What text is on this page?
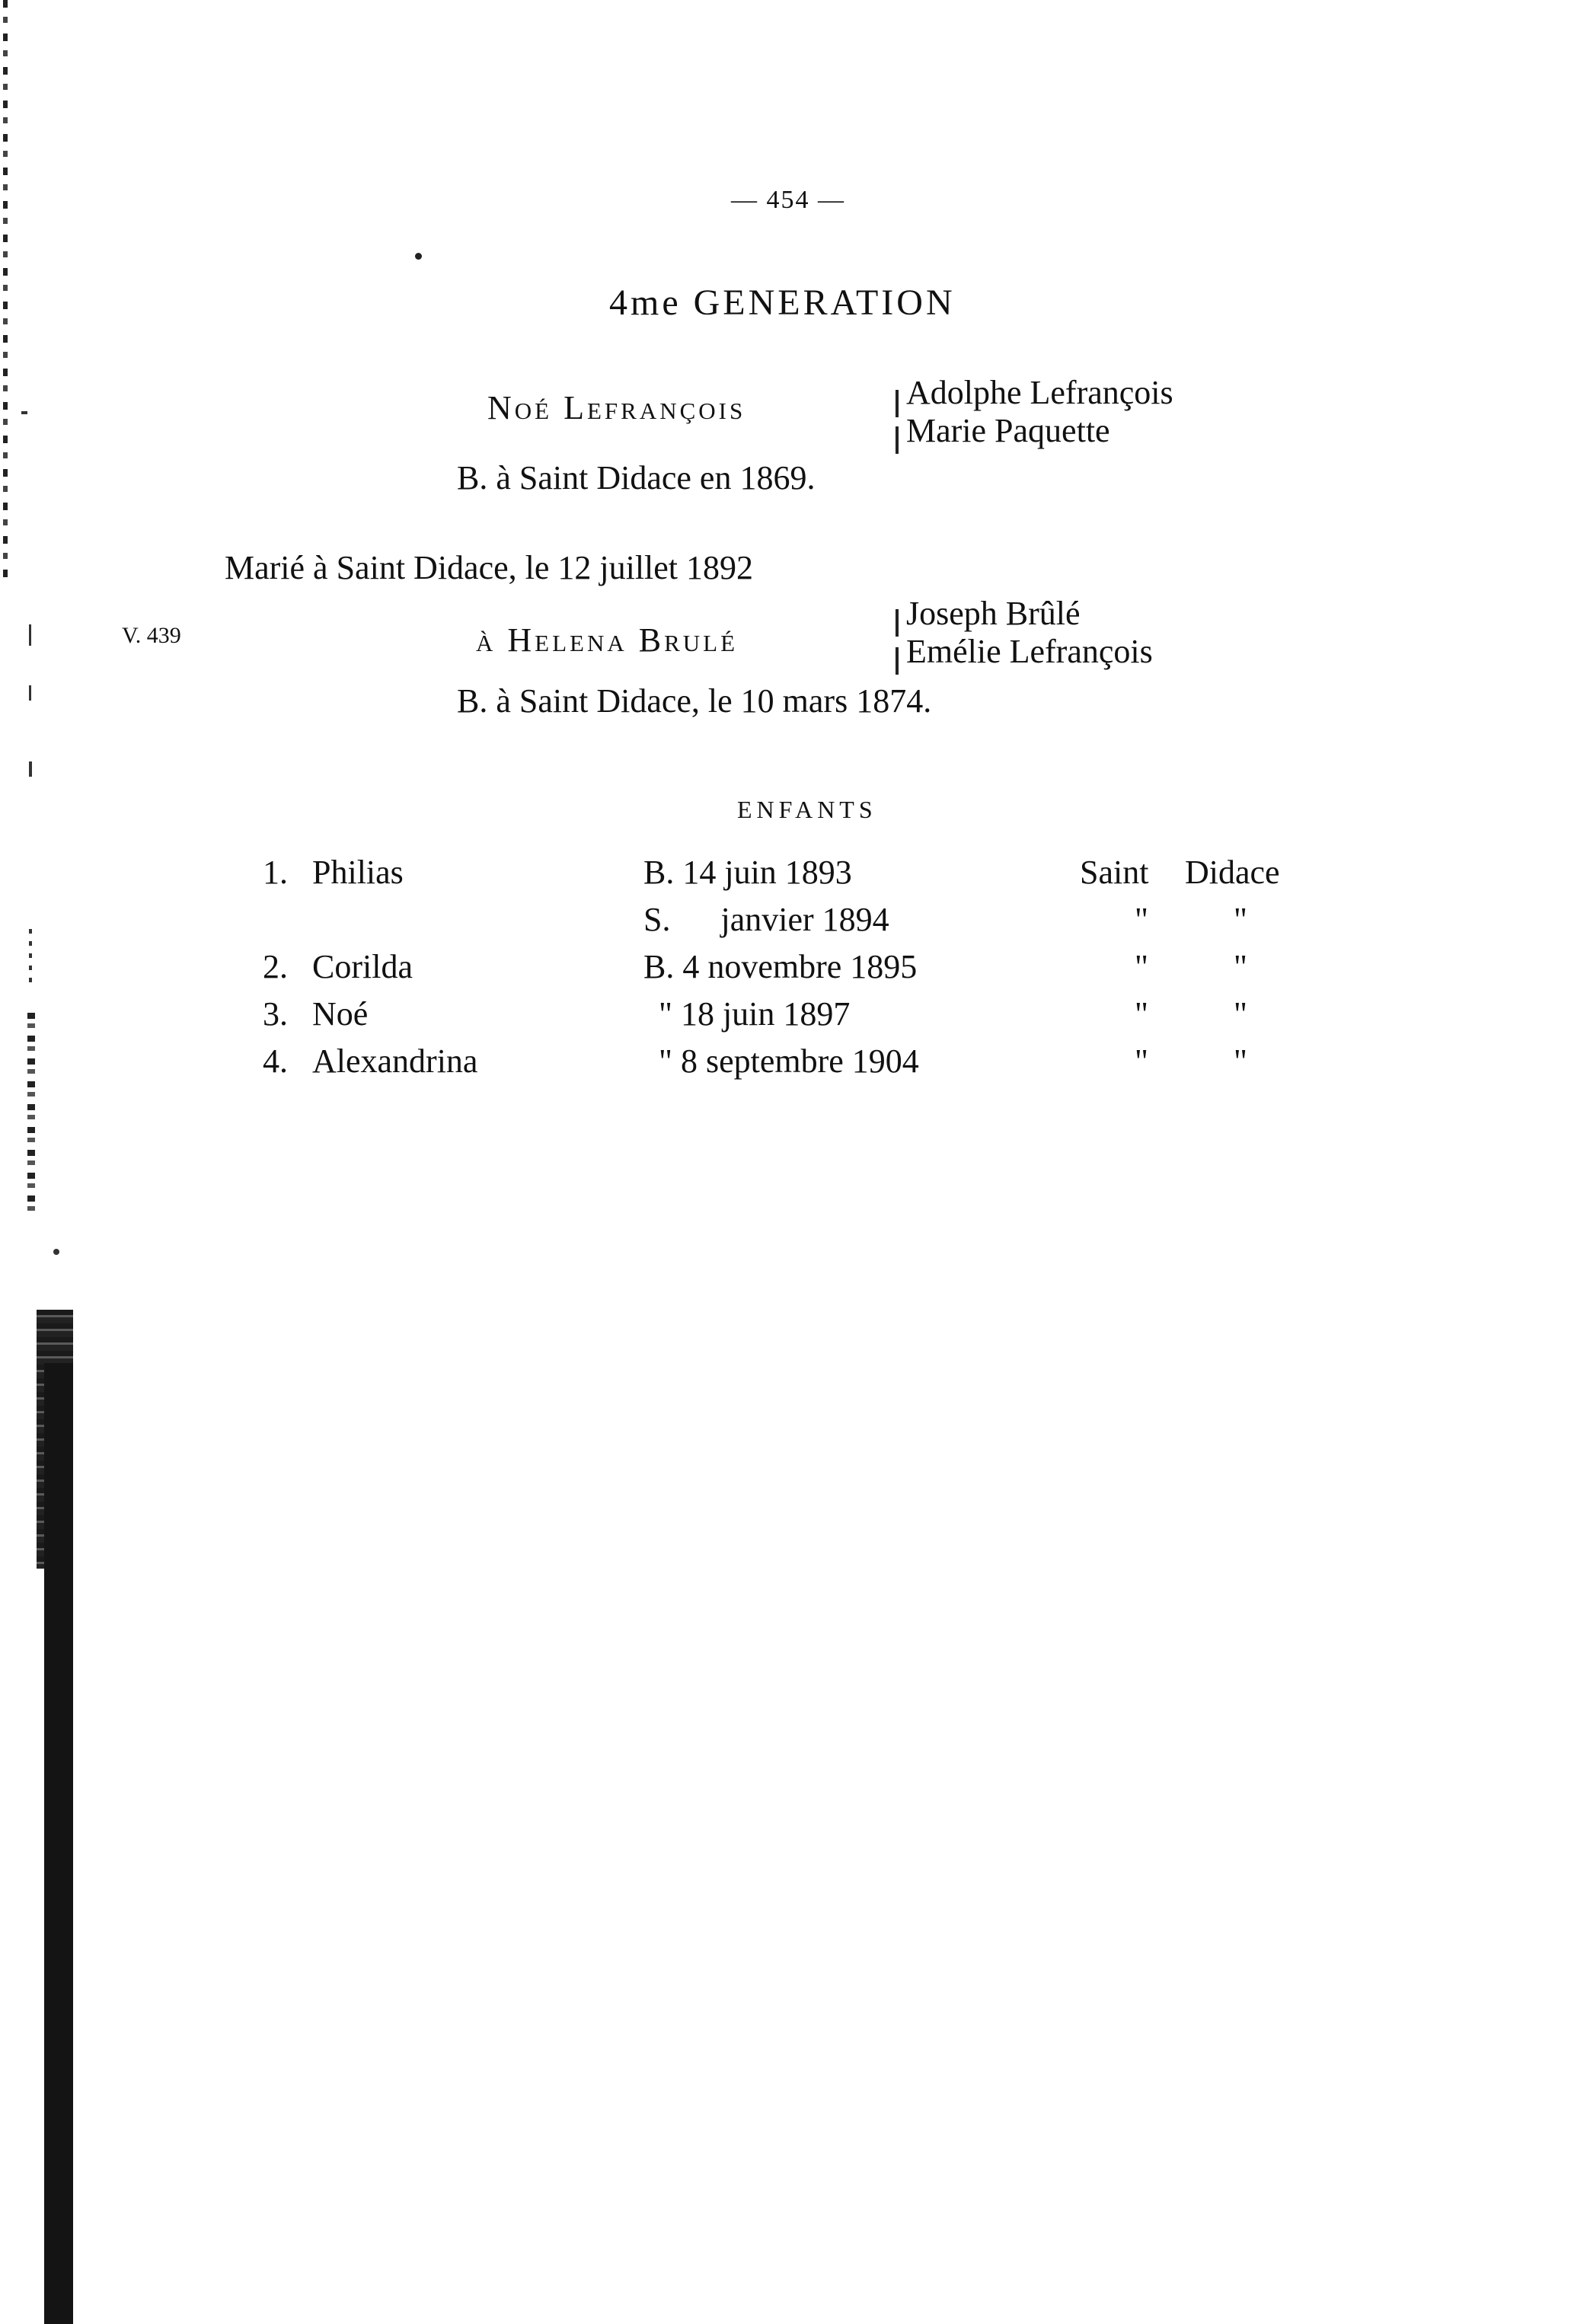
— 454 —
4me GENERATION
Noé Lefrançois	Adolphe Lefrançois
Marie Paquette
B. à Saint Didace en 1869.
Marié à Saint Didace, le 12 juillet 1892
V. 439	à Helena Brulé
Joseph Brûlé
Emélie Lefrançois
B. à Saint Didace, le 10 mars 1874.
ENFANTS
1. Philias	B. 14 juin 1893	Saint Didace
S.      janvier 1894	"	"
2. Corilda	B. 4 novembre 1895	"	"
3. Noé	" 18 juin 1897	"	"
4. Alexandrina	" 8 septembre 1904	"	"
